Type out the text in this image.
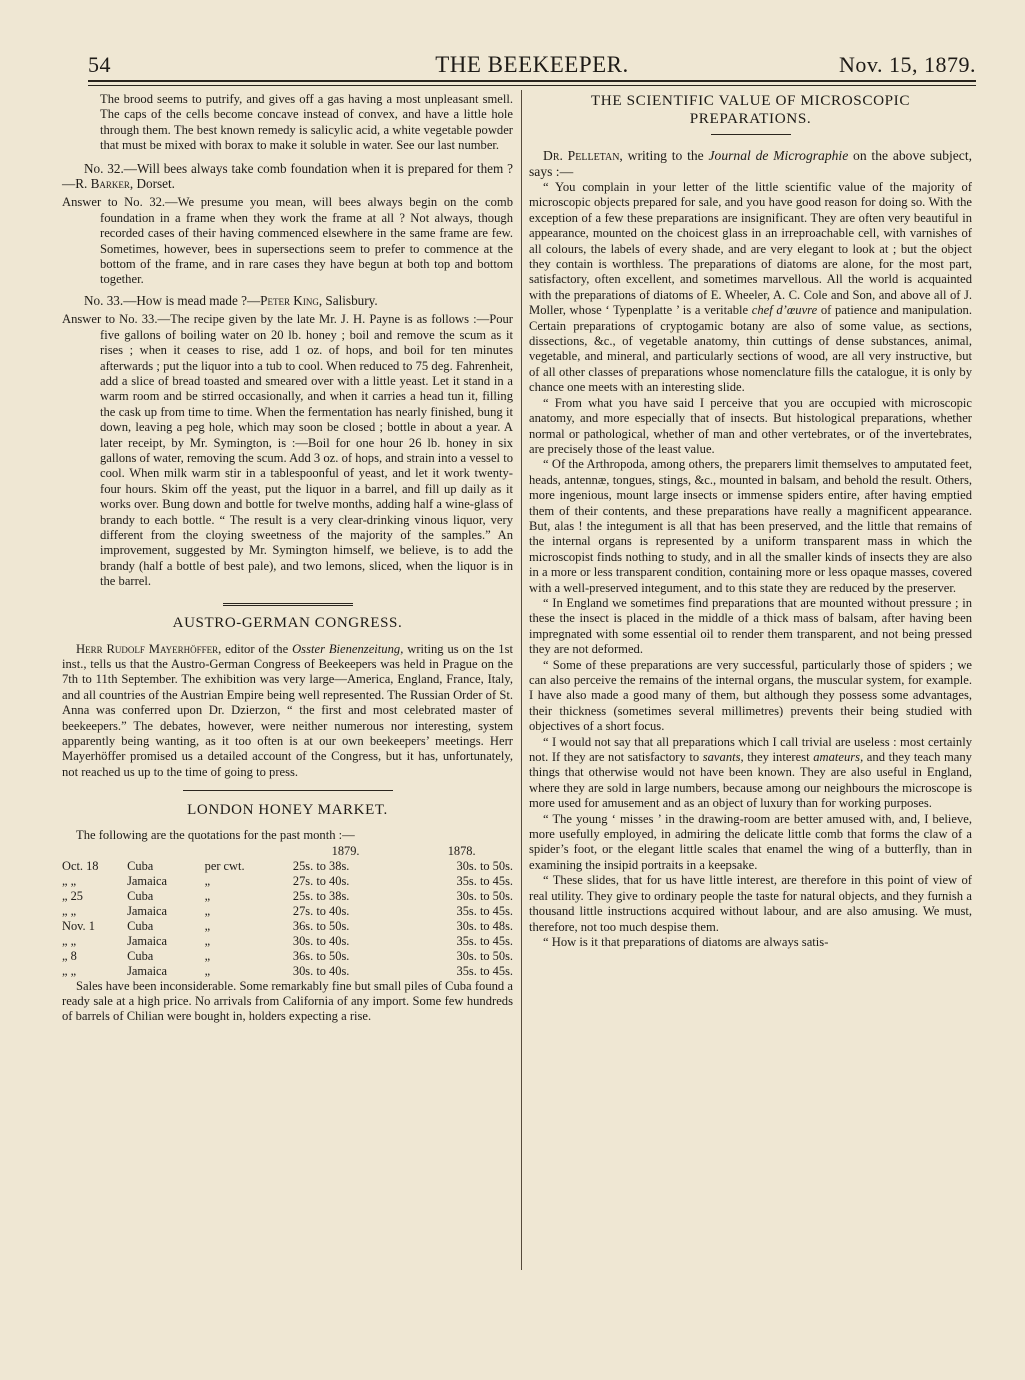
54	THE BEEKEEPER.	Nov. 15, 1879.

The brood seems to putrify, and gives off a gas having a most unpleasant smell. The caps of the cells become concave instead of convex, and have a little hole through them. The best known remedy is salicylic acid, a white vegetable powder that must be mixed with borax to make it soluble in water. See our last number.

No. 32.—Will bees always take comb foundation when it is prepared for them ?—R. Barker, Dorset.

Answer to No. 32.—We presume you mean, will bees always begin on the comb foundation in a frame when they work the frame at all ? Not always, though recorded cases of their having commenced elsewhere in the same frame are few. Sometimes, however, bees in supersections seem to prefer to commence at the bottom of the frame, and in rare cases they have begun at both top and bottom together.

No. 33.—How is mead made ?—Peter King, Salisbury.

Answer to No. 33.—The recipe given by the late Mr. J. H. Payne is as follows :—Pour five gallons of boiling water on 20 lb. honey ; boil and remove the scum as it rises ; when it ceases to rise, add 1 oz. of hops, and boil for ten minutes afterwards ; put the liquor into a tub to cool. When reduced to 75 deg. Fahrenheit, add a slice of bread toasted and smeared over with a little yeast. Let it stand in a warm room and be stirred occasionally, and when it carries a head tun it, filling the cask up from time to time. When the fermentation has nearly finished, bung it down, leaving a peg hole, which may soon be closed ; bottle in about a year. A later receipt, by Mr. Symington, is :—Boil for one hour 26 lb. honey in six gallons of water, removing the scum. Add 3 oz. of hops, and strain into a vessel to cool. When milk warm stir in a tablespoonful of yeast, and let it work twenty-four hours. Skim off the yeast, put the liquor in a barrel, and fill up daily as it works over. Bung down and bottle for twelve months, adding half a wine-glass of brandy to each bottle. “ The result is a very clear-drinking vinous liquor, very different from the cloying sweetness of the majority of the samples.” An improvement, suggested by Mr. Symington himself, we believe, is to add the brandy (half a bottle of best pale), and two lemons, sliced, when the liquor is in the barrel.

AUSTRO-GERMAN CONGRESS.

Herr Rudolf Mayerhöffer, editor of the Osster Bienenzeitung, writing us on the 1st inst., tells us that the Austro-German Congress of Beekeepers was held in Prague on the 7th to 11th September. The exhibition was very large—America, England, France, Italy, and all countries of the Austrian Empire being well represented. The Russian Order of St. Anna was conferred upon Dr. Dzierzon, “ the first and most celebrated master of beekeepers.” The debates, however, were neither numerous nor interesting, system apparently being wanting, as it too often is at our own beekeepers’ meetings. Herr Mayerhöffer promised us a detailed account of the Congress, but it has, unfortunately, not reached us up to the time of going to press.

LONDON HONEY MARKET.

The following are the quotations for the past month :—

			1879.	1878.
Oct. 18	Cuba	per cwt.	25s. to 38s.	30s. to 50s.
„ „	Jamaica	„	27s. to 40s.	35s. to 45s.
„ 25	Cuba	„	25s. to 38s.	30s. to 50s.
„ „	Jamaica	„	27s. to 40s.	35s. to 45s.
Nov. 1	Cuba	„	36s. to 50s.	30s. to 48s.
„ „	Jamaica	„	30s. to 40s.	35s. to 45s.
„ 8	Cuba	„	36s. to 50s.	30s. to 50s.
„ „	Jamaica	„	30s. to 40s.	35s. to 45s.

Sales have been inconsiderable. Some remarkably fine but small piles of Cuba found a ready sale at a high price. No arrivals from California of any import. Some few hundreds of barrels of Chilian were bought in, holders expecting a rise.

THE SCIENTIFIC VALUE OF MICROSCOPIC PREPARATIONS.

Dr. Pelletan, writing to the Journal de Micrographie on the above subject, says :—

“ You complain in your letter of the little scientific value of the majority of microscopic objects prepared for sale, and you have good reason for doing so. With the exception of a few these preparations are insignificant. They are often very beautiful in appearance, mounted on the choicest glass in an irreproachable cell, with varnishes of all colours, the labels of every shade, and are very elegant to look at ; but the object they contain is worthless. The preparations of diatoms are alone, for the most part, satisfactory, often excellent, and sometimes marvellous. All the world is acquainted with the preparations of diatoms of E. Wheeler, A. C. Cole and Son, and above all of J. Moller, whose ‘ Typenplatte ’ is a veritable chef d’œuvre of patience and manipulation. Certain preparations of cryptogamic botany are also of some value, as sections, dissections, &c., of vegetable anatomy, thin cuttings of dense substances, animal, vegetable, and mineral, and particularly sections of wood, are all very instructive, but of all other classes of preparations whose nomenclature fills the catalogue, it is only by chance one meets with an interesting slide.

“ From what you have said I perceive that you are occupied with microscopic anatomy, and more especially that of insects. But histological preparations, whether normal or pathological, whether of man and other vertebrates, or of the invertebrates, are precisely those of the least value.

“ Of the Arthropoda, among others, the preparers limit themselves to amputated feet, heads, antennæ, tongues, stings, &c., mounted in balsam, and behold the result. Others, more ingenious, mount large insects or immense spiders entire, after having emptied them of their contents, and these preparations have really a magnificent appearance. But, alas ! the integument is all that has been preserved, and the little that remains of the internal organs is represented by a uniform transparent mass in which the microscopist finds nothing to study, and in all the smaller kinds of insects they are also in a more or less transparent condition, containing more or less opaque masses, covered with a well-preserved integument, and to this state they are reduced by the preserver.

“ In England we sometimes find preparations that are mounted without pressure ; in these the insect is placed in the middle of a thick mass of balsam, after having been impregnated with some essential oil to render them transparent, and not being pressed they are not deformed.

“ Some of these preparations are very successful, particularly those of spiders ; we can also perceive the remains of the internal organs, the muscular system, for example. I have also made a good many of them, but although they possess some advantages, their thickness (sometimes several millimetres) prevents their being studied with objectives of a short focus.

“ I would not say that all preparations which I call trivial are useless : most certainly not. If they are not satisfactory to savants, they interest amateurs, and they teach many things that otherwise would not have been known. They are also useful in England, where they are sold in large numbers, because among our neighbours the microscope is more used for amusement and as an object of luxury than for working purposes.

“ The young ‘ misses ’ in the drawing-room are better amused with, and, I believe, more usefully employed, in admiring the delicate little comb that forms the claw of a spider’s foot, or the elegant little scales that enamel the wing of a butterfly, than in examining the insipid portraits in a keepsake.

“ These slides, that for us have little interest, are therefore in this point of view of real utility. They give to ordinary people the taste for natural objects, and they furnish a thousand little instructions acquired without labour, and are also amusing. We must, therefore, not too much despise them.

“ How is it that preparations of diatoms are always satis-
